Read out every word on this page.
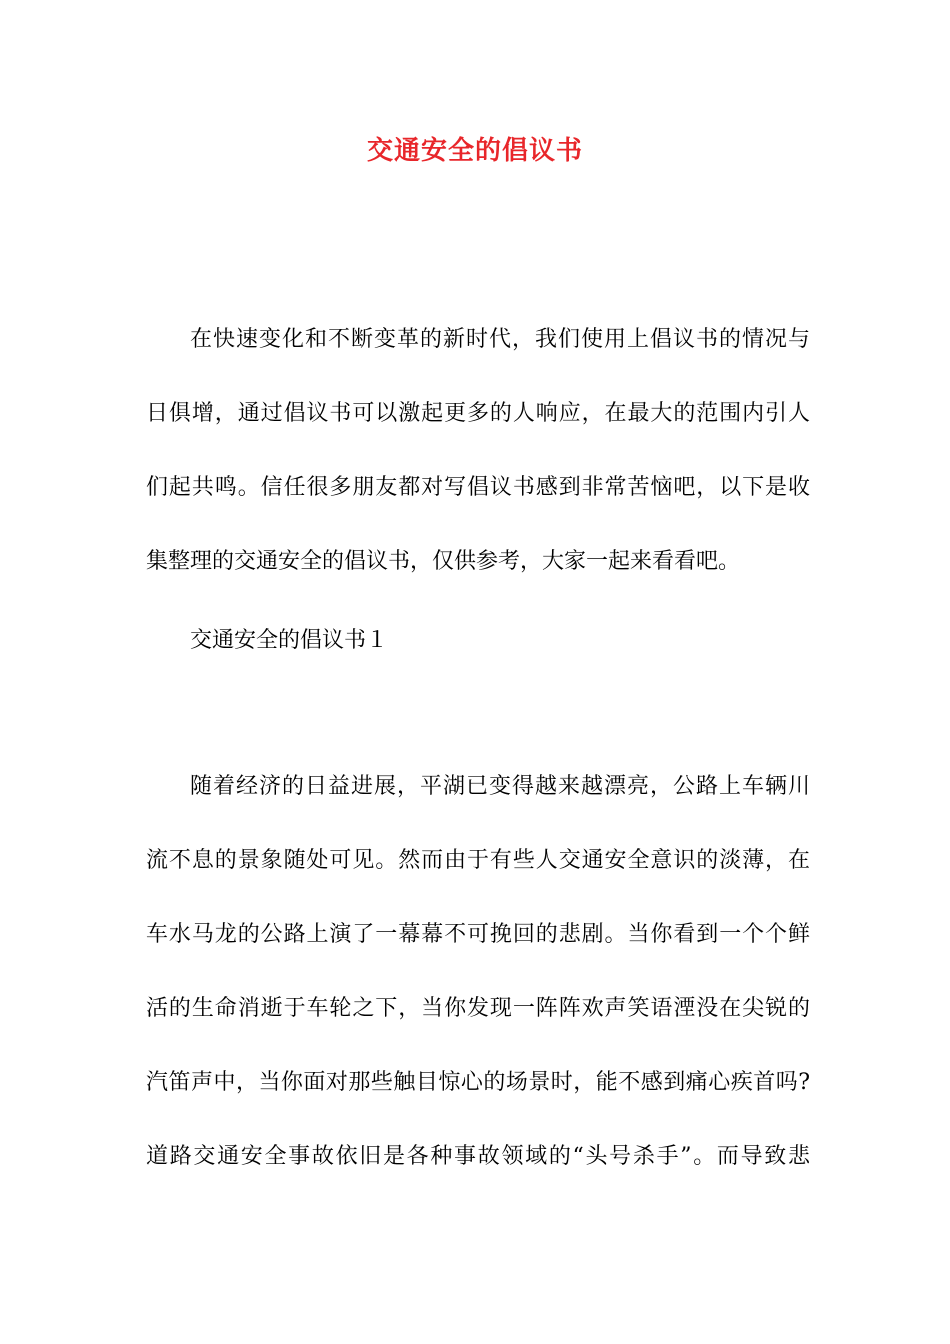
交通安全的倡议书
在快速变化和不断变革的新时代，我们使用上倡议书的情况与
日俱增，通过倡议书可以激起更多的人响应，在最大的范围内引人
们起共鸣。信任很多朋友都对写倡议书感到非常苦恼吧，以下是收
集整理的交通安全的倡议书，仅供参考，大家一起来看看吧。

交通安全的倡议书１

随着经济的日益进展，平湖已变得越来越漂亮，公路上车辆川
流不息的景象随处可见。然而由于有些人交通安全意识的淡薄，在
车水马龙的公路上演了一幕幕不可挽回的悲剧。当你看到一个个鲜
活的生命消逝于车轮之下，当你发现一阵阵欢声笑语湮没在尖锐的
汽笛声中，当你面对那些触目惊心的场景时，能不感到痛心疾首吗?
道路交通安全事故依旧是各种事故领域的“头号杀手”。而导致悲
